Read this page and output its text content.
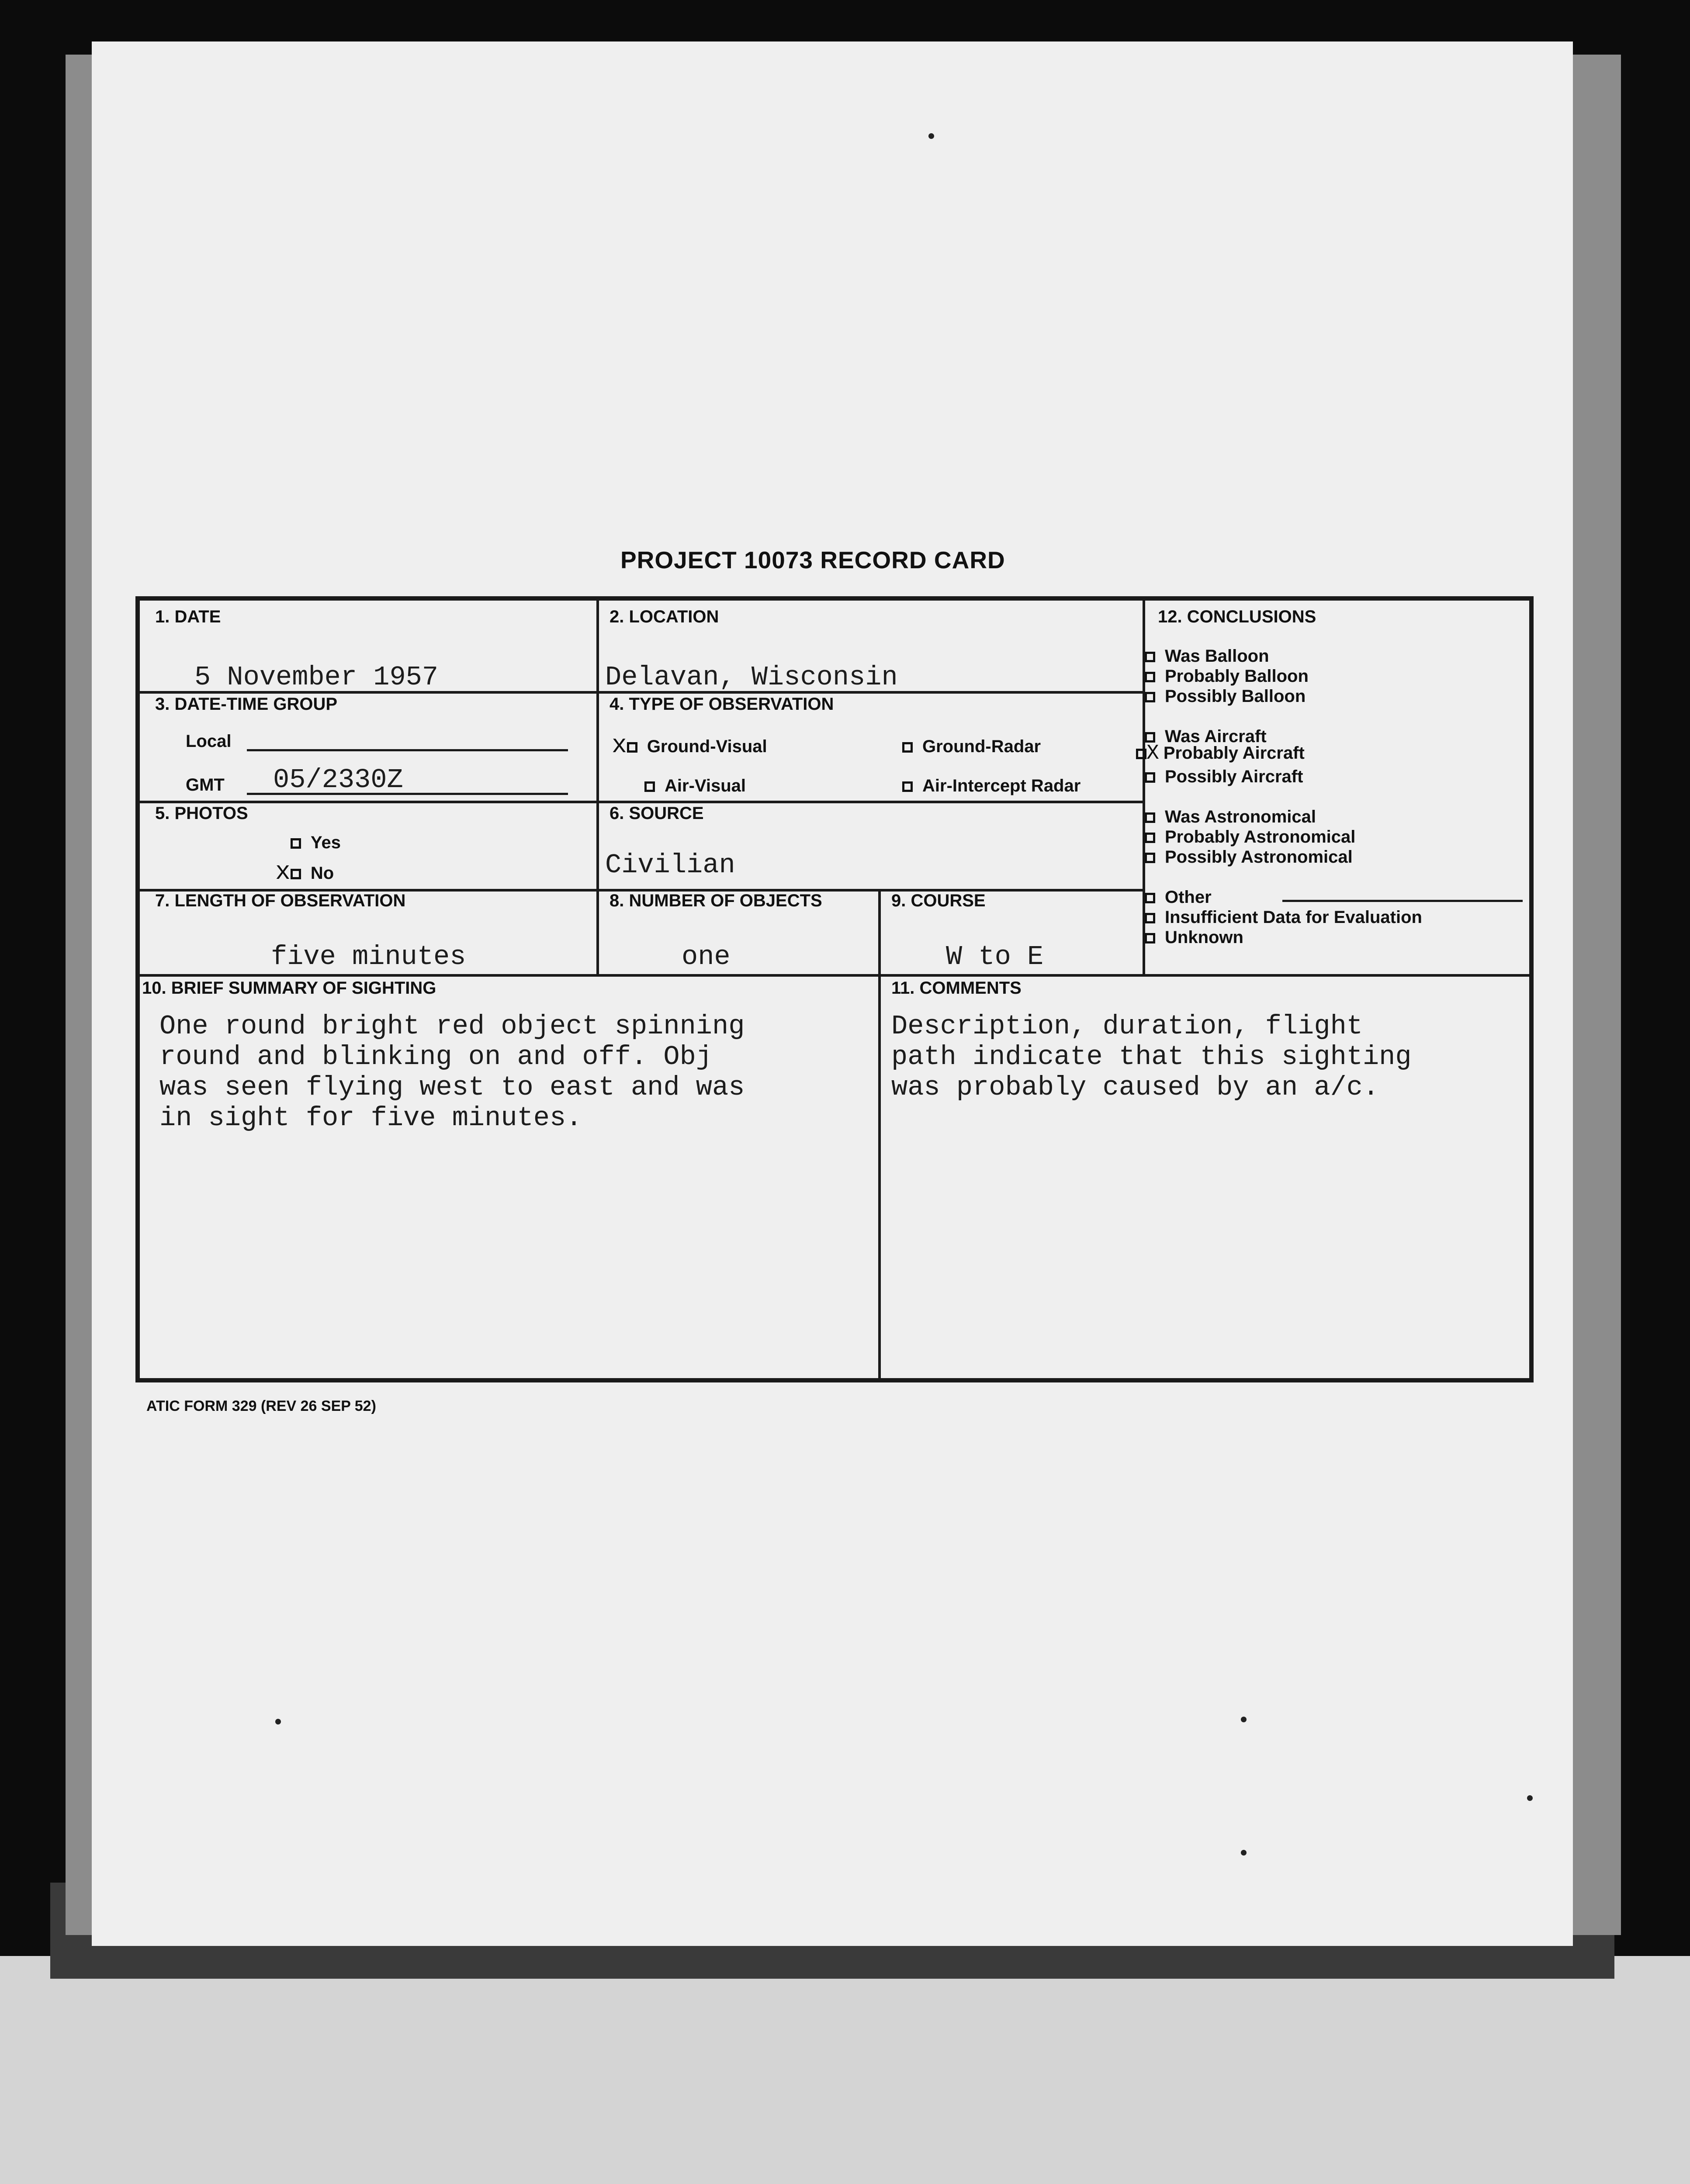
PROJECT 10073 RECORD CARD
1. DATE
5 November 1957
2. LOCATION
Delavan, Wisconsin
3. DATE-TIME GROUP
Local
GMT 05/2330Z
4. TYPE OF OBSERVATION
x Ground-Visual	Ground-Radar
Air-Visual	Air-Intercept Radar
5. PHOTOS
Yes
x No
6. SOURCE
Civilian
7. LENGTH OF OBSERVATION
five minutes
8. NUMBER OF OBJECTS
one
9. COURSE
W to E
10. BRIEF SUMMARY OF SIGHTING
One round bright red object spinning
round and blinking on and off. Obj
was seen flying west to east and was
in sight for five minutes.
11. COMMENTS
Description, duration, flight
path indicate that this sighting
was probably caused by an a/c.
12. CONCLUSIONS
Was Balloon
Probably Balloon
Possibly Balloon
Was Aircraft
X Probably Aircraft
Possibly Aircraft
Was Astronomical
Probably Astronomical
Possibly Astronomical
Other
Insufficient Data for Evaluation
Unknown
ATIC FORM 329 (REV 26 SEP 52)
